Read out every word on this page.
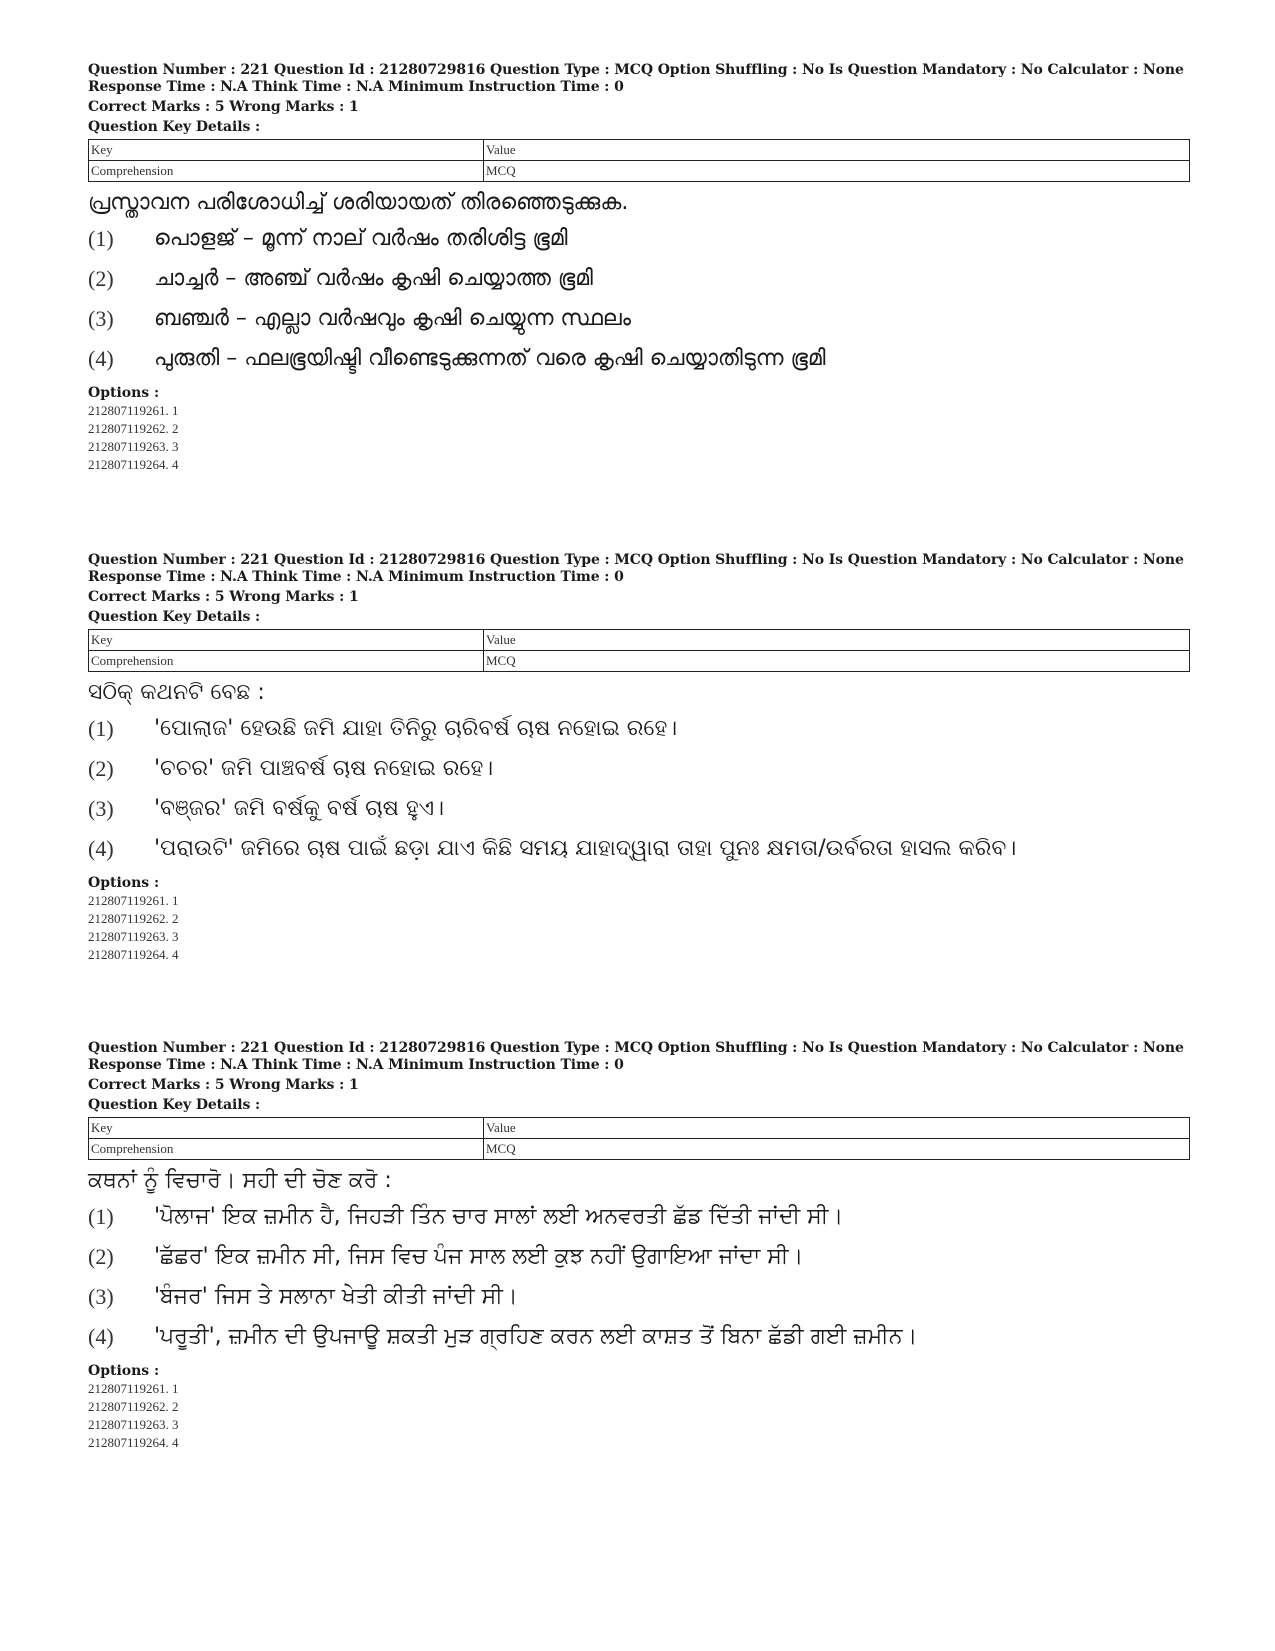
Question Number : 221 Question Id : 21280729816 Question Type : MCQ Option Shuffling : No Is Question Mandatory : No Calculator : None
Response Time : N.A Think Time : N.A Minimum Instruction Time : 0
Correct Marks : 5 Wrong Marks : 1
Question Key Details :
Key	Value
Comprehension	MCQ
പ്രസ്താവന പരിശോധിച്ച് ശരിയായത് തിരഞ്ഞെടുക്കുക.
(1)	പൊളജ് – മൂന്ന് നാല് വർഷം തരിശിട്ട ഭൂമി
(2)	ചാച്ചർ – അഞ്ച് വർഷം കൃഷി ചെയ്യാത്ത ഭൂമി
(3)	ബഞ്ചർ – എല്ലാ വർഷവും കൃഷി ചെയ്യുന്ന സ്ഥലം
(4)	പുരുതി – ഫലഭൂയിഷ്ടി വീണ്ടെടുക്കുന്നത് വരെ കൃഷി ചെയ്യാതിടുന്ന ഭൂമി
Options :
212807119261. 1
212807119262. 2
212807119263. 3
212807119264. 4
Question Number : 221 Question Id : 21280729816 Question Type : MCQ Option Shuffling : No Is Question Mandatory : No Calculator : None
Response Time : N.A Think Time : N.A Minimum Instruction Time : 0
Correct Marks : 5 Wrong Marks : 1
Question Key Details :
Key	Value
Comprehension	MCQ
ସଠିକ୍ କଥନଟି ବେଛ :
(1)	'ପୋଲାଜ' ହେଉଛି ଜମି ଯାହା ତିନିରୁ ଚାରିବର୍ଷ ଚାଷ ନହୋଇ ରହେ।
(2)	'ଚଚର' ଜମି ପାଞ୍ଚବର୍ଷ ଚାଷ ନହୋଇ ରହେ।
(3)	'ବଞ୍ଜର' ଜମି ବର୍ଷକୁ ବର୍ଷ ଚାଷ ହୁଏ।
(4)	'ପରାଉଟି' ଜମିରେ ଚାଷ ପାଇଁ ଛଡ଼ା ଯାଏ କିଛି ସମୟ ଯାହାଦ୍ୱାରା ତାହା ପୁନଃ କ୍ଷମତା/ଉର୍ବରତା ହାସଲ କରିବ।
Options :
212807119261. 1
212807119262. 2
212807119263. 3
212807119264. 4
Question Number : 221 Question Id : 21280729816 Question Type : MCQ Option Shuffling : No Is Question Mandatory : No Calculator : None
Response Time : N.A Think Time : N.A Minimum Instruction Time : 0
Correct Marks : 5 Wrong Marks : 1
Question Key Details :
Key	Value
Comprehension	MCQ
ਕਥਨਾਂ ਨੂੰ ਵਿਚਾਰੋ। ਸਹੀ ਦੀ ਚੋਣ ਕਰੋ :
(1)	'ਪੋਲਾਜ' ਇਕ ਜ਼ਮੀਨ ਹੈ, ਜਿਹੜੀ ਤਿੰਨ ਚਾਰ ਸਾਲਾਂ ਲਈ ਅਨਵਰਤੀ ਛੱਡ ਦਿੱਤੀ ਜਾਂਦੀ ਸੀ।
(2)	'ਛੱਛਰ' ਇਕ ਜ਼ਮੀਨ ਸੀ, ਜਿਸ ਵਿਚ ਪੰਜ ਸਾਲ ਲਈ ਕੁਝ ਨਹੀਂ ਉਗਾਇਆ ਜਾਂਦਾ ਸੀ।
(3)	'ਬੰਜਰ' ਜਿਸ ਤੇ ਸਲਾਨਾ ਖੇਤੀ ਕੀਤੀ ਜਾਂਦੀ ਸੀ।
(4)	'ਪਰੂਤੀ', ਜ਼ਮੀਨ ਦੀ ਉਪਜਾਊ ਸ਼ਕਤੀ ਮੁੜ ਗ੍ਰਹਿਣ ਕਰਨ ਲਈ ਕਾਸ਼ਤ ਤੋਂ ਬਿਨਾ ਛੱਡੀ ਗਈ ਜ਼ਮੀਨ।
Options :
212807119261. 1
212807119262. 2
212807119263. 3
212807119264. 4
